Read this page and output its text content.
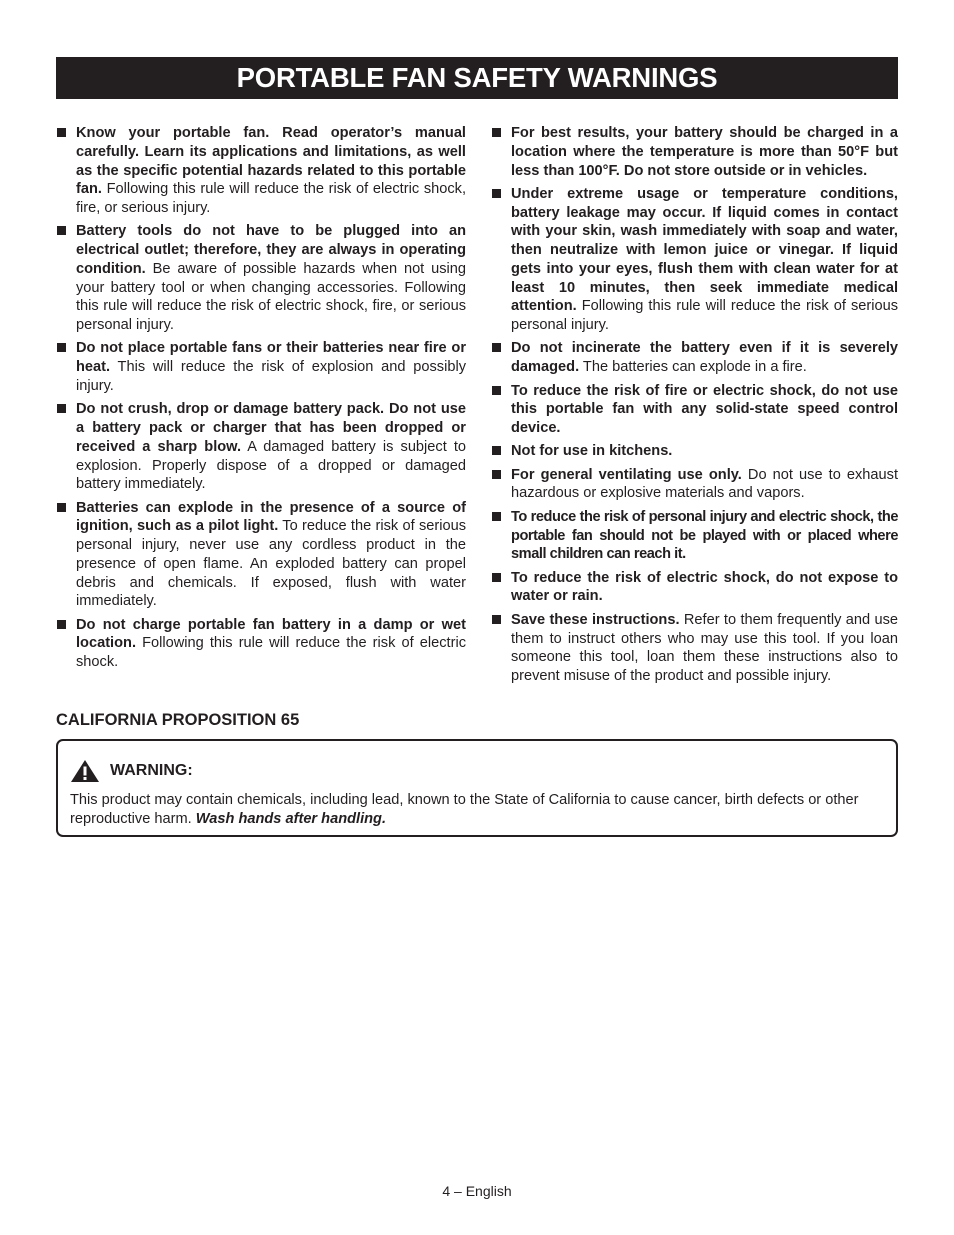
PORTABLE FAN SAFETY WARNINGS
Know your portable fan. Read operator’s manual carefully. Learn its applications and limitations, as well as the specific potential hazards related to this portable fan. Following this rule will reduce the risk of electric shock, fire, or serious injury.
Battery tools do not have to be plugged into an electrical outlet; therefore, they are always in operating condition. Be aware of possible hazards when not using your battery tool or when changing accessories. Following this rule will reduce the risk of electric shock, fire, or serious personal injury.
Do not place portable fans or their batteries near fire or heat. This will reduce the risk of explosion and possibly injury.
Do not crush, drop or damage battery pack. Do not use a battery pack or charger that has been dropped or received a sharp blow. A damaged battery is subject to explosion. Properly dispose of a dropped or damaged battery immediately.
Batteries can explode in the presence of a source of ignition, such as a pilot light. To reduce the risk of serious personal injury, never use any cordless product in the presence of open flame. An exploded battery can propel debris and chemicals. If exposed, flush with water immediately.
Do not charge portable fan battery in a damp or wet location. Following this rule will reduce the risk of electric shock.
For best results, your battery should be charged in a location where the temperature is more than 50°F but less than 100°F. Do not store outside or in vehicles.
Under extreme usage or temperature conditions, battery leakage may occur. If liquid comes in contact with your skin, wash immediately with soap and water, then neutralize with lemon juice or vinegar. If liquid gets into your eyes, flush them with clean water for at least 10 minutes, then seek immediate medical attention. Following this rule will reduce the risk of serious personal injury.
Do not incinerate the battery even if it is severely damaged. The batteries can explode in a fire.
To reduce the risk of fire or electric shock, do not use this portable fan with any solid-state speed control device.
Not for use in kitchens.
For general ventilating use only. Do not use to exhaust hazardous or explosive materials and vapors.
To reduce the risk of personal injury and electric shock, the portable fan should not be played with or placed where small children can reach it.
To reduce the risk of electric shock, do not expose to water or rain.
Save these instructions. Refer to them frequently and use them to instruct others who may use this tool. If you loan someone this tool, loan them these instructions also to prevent misuse of the product and possible injury.
CALIFORNIA PROPOSITION 65
WARNING:
This product may contain chemicals, including lead, known to the State of California to cause cancer, birth defects or other reproductive harm. Wash hands after handling.
4 – English
